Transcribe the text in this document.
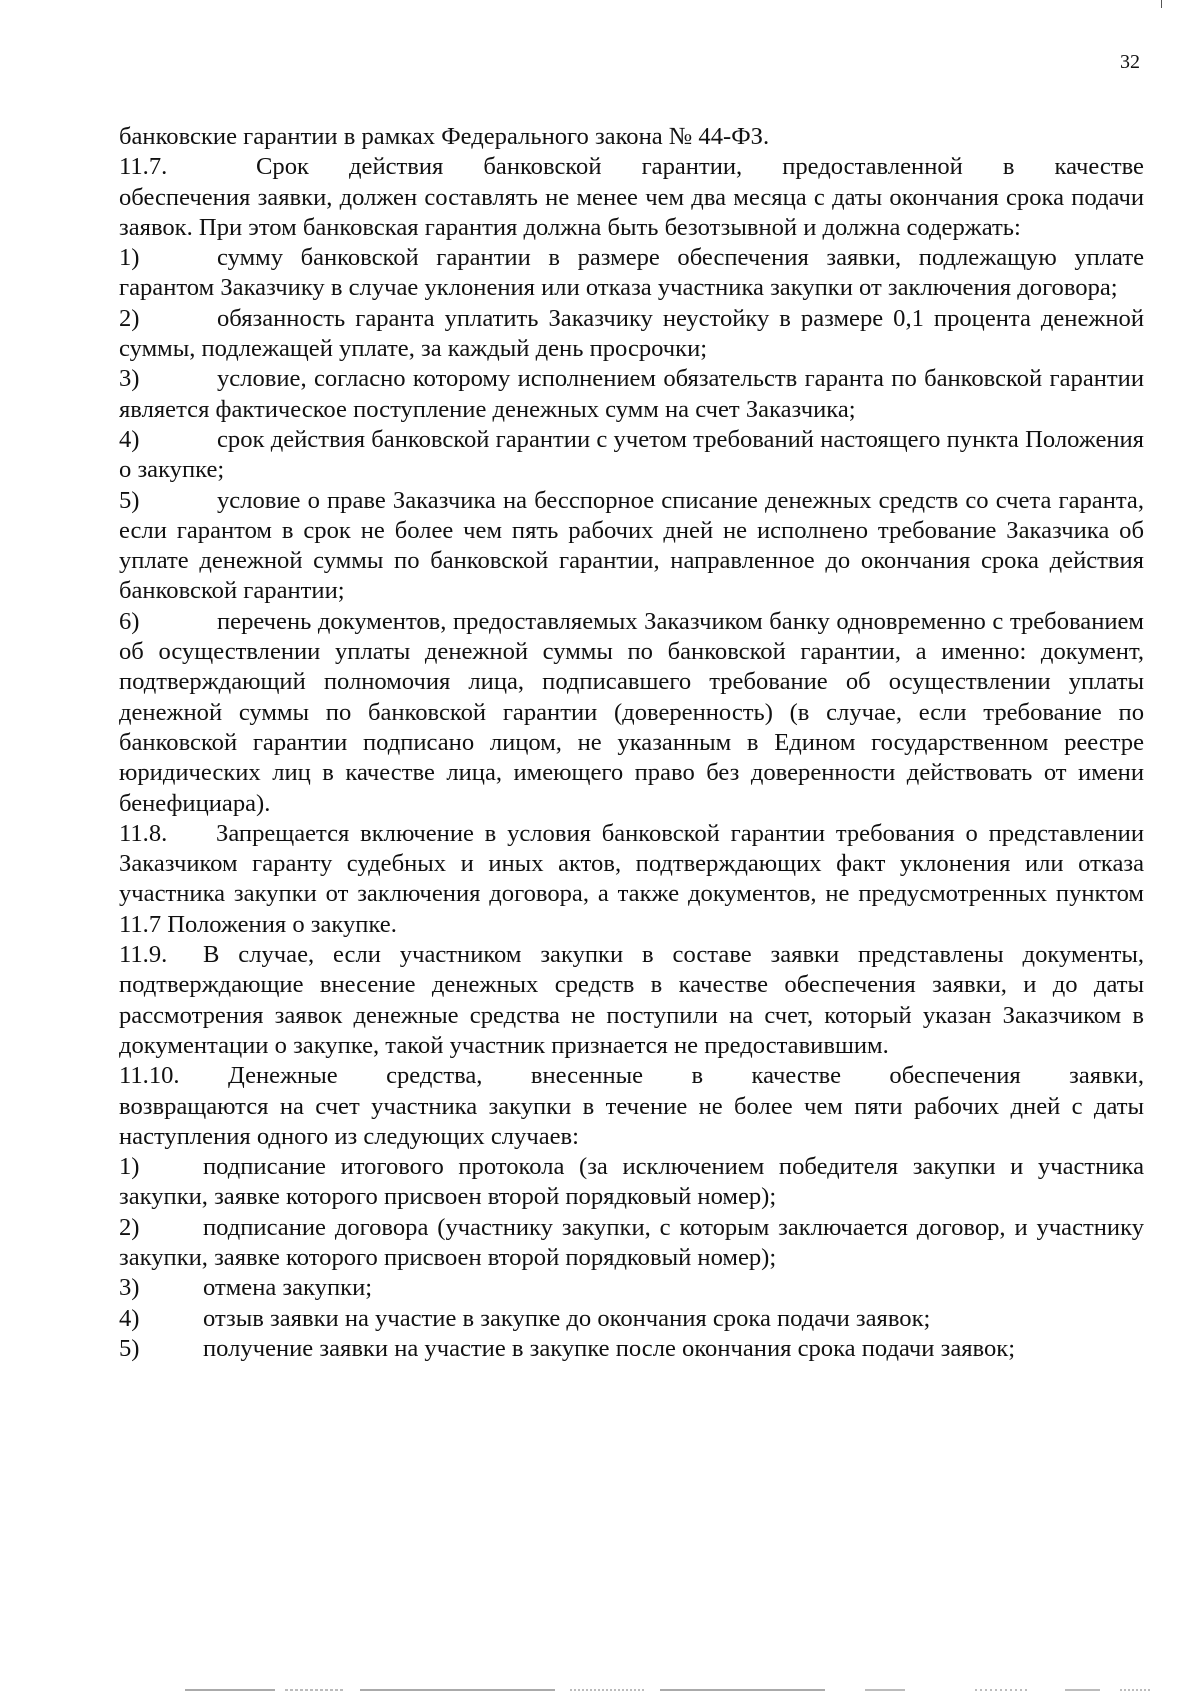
32

банковские гарантии в рамках Федерального закона № 44-ФЗ.

11.7.	Срок действия банковской гарантии, предоставленной в качестве

обеспечения заявки, должен составлять не менее чем два месяца с даты окончания срока подачи заявок. При этом банковская гарантия должна быть безотзывной и должна содержать:

1)	сумму банковской гарантии в размере обеспечения заявки, подлежащую уплате гарантом Заказчику в случае уклонения или отказа участника закупки от заключения договора;

2)	обязанность гаранта уплатить Заказчику неустойку в размере 0,1 процента денежной суммы, подлежащей уплате, за каждый день просрочки;

3)	условие, согласно которому исполнением обязательств гаранта по банковской гарантии является фактическое поступление денежных сумм на счет Заказчика;

4)	срок действия банковской гарантии с учетом требований настоящего пункта Положения о закупке;

5)	условие о праве Заказчика на бесспорное списание денежных средств со счета гаранта, если гарантом в срок не более чем пять рабочих дней не исполнено требование Заказчика об уплате денежной суммы по банковской гарантии, направленное до окончания срока действия банковской гарантии;

6)	перечень документов, предоставляемых Заказчиком банку одновременно с требованием об осуществлении уплаты денежной суммы по банковской гарантии, а именно: документ, подтверждающий полномочия лица, подписавшего требование об осуществлении уплаты денежной суммы по банковской гарантии (доверенность) (в случае, если требование по банковской гарантии подписано лицом, не указанным в Едином государственном реестре юридических лиц в качестве лица, имеющего право без доверенности действовать от имени бенефициара).

11.8. Запрещается включение в условия банковской гарантии требования о представлении Заказчиком гаранту судебных и иных актов, подтверждающих факт уклонения или отказа участника закупки от заключения договора, а также документов, не предусмотренных пунктом 11.7 Положения о закупке.

11.9. В случае, если участником закупки в составе заявки представлены документы, подтверждающие внесение денежных средств в качестве обеспечения заявки, и до даты рассмотрения заявок денежные средства не поступили на счет, который указан Заказчиком в документации о закупке, такой участник признается не предоставившим.

11.10. Денежные средства, внесенные в качестве обеспечения заявки,

возвращаются на счет участника закупки в течение не более чем пяти рабочих дней с даты наступления одного из следующих случаев:

1)	подписание итогового протокола (за исключением победителя закупки и участника закупки, заявке которого присвоен второй порядковый номер);

2)	подписание договора (участнику закупки, с которым заключается договор, и участнику закупки, заявке которого присвоен второй порядковый номер);

3)	отмена закупки;

4)	отзыв заявки на участие в закупке до окончания срока подачи заявок;

5)	получение заявки на участие в закупке после окончания срока подачи заявок;
